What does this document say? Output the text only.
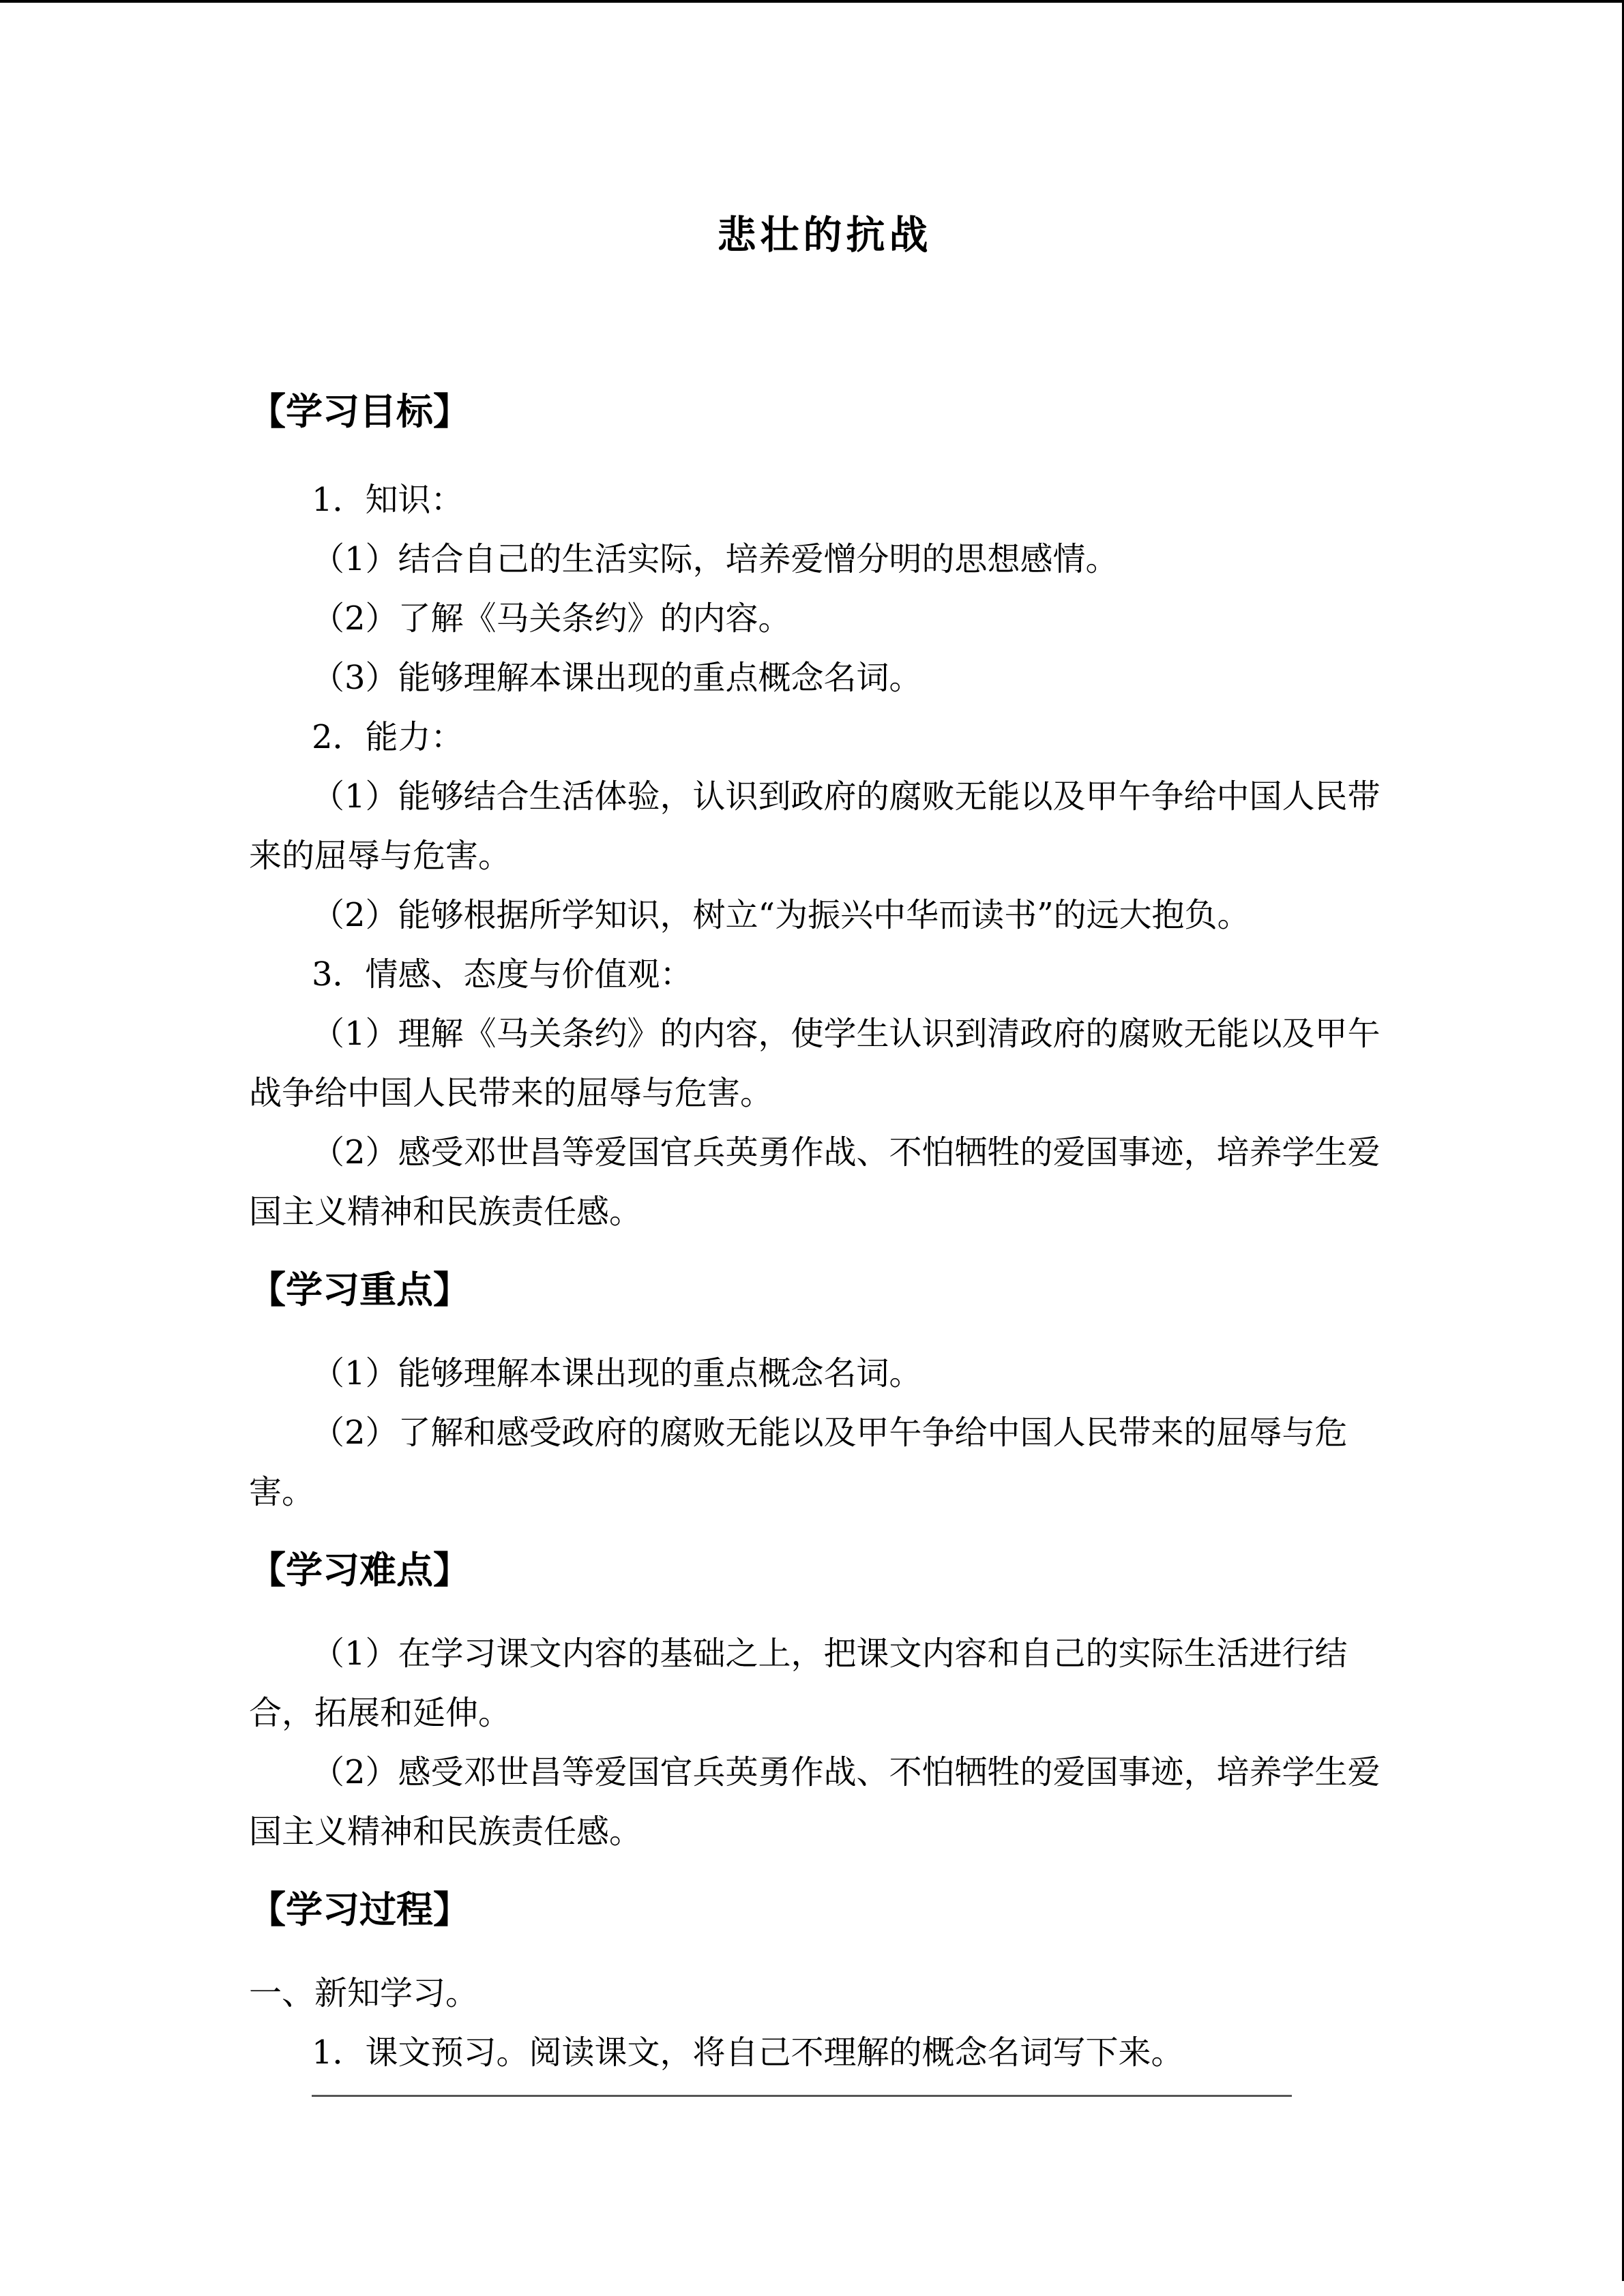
悲壮的抗战
【学习目标】
1．知识：
（1）结合自己的生活实际，培养爱憎分明的思想感情。
（2）了解《马关条约》的内容。
（3）能够理解本课出现的重点概念名词。
2．能力：
（1）能够结合生活体验，认识到政府的腐败无能以及甲午争给中国人民带
来的屈辱与危害。
（2）能够根据所学知识，树立“为振兴中华而读书”的远大抱负。
3．情感、态度与价值观：
（1）理解《马关条约》的内容，使学生认识到清政府的腐败无能以及甲午
战争给中国人民带来的屈辱与危害。
（2）感受邓世昌等爱国官兵英勇作战、不怕牺牲的爱国事迹，培养学生爱
国主义精神和民族责任感。
【学习重点】
（1）能够理解本课出现的重点概念名词。
（2）了解和感受政府的腐败无能以及甲午争给中国人民带来的屈辱与危
害。
【学习难点】
（1）在学习课文内容的基础之上，把课文内容和自己的实际生活进行结
合，拓展和延伸。
（2）感受邓世昌等爱国官兵英勇作战、不怕牺牲的爱国事迹，培养学生爱
国主义精神和民族责任感。
【学习过程】
一、新知学习。
1．课文预习。阅读课文，将自己不理解的概念名词写下来。
